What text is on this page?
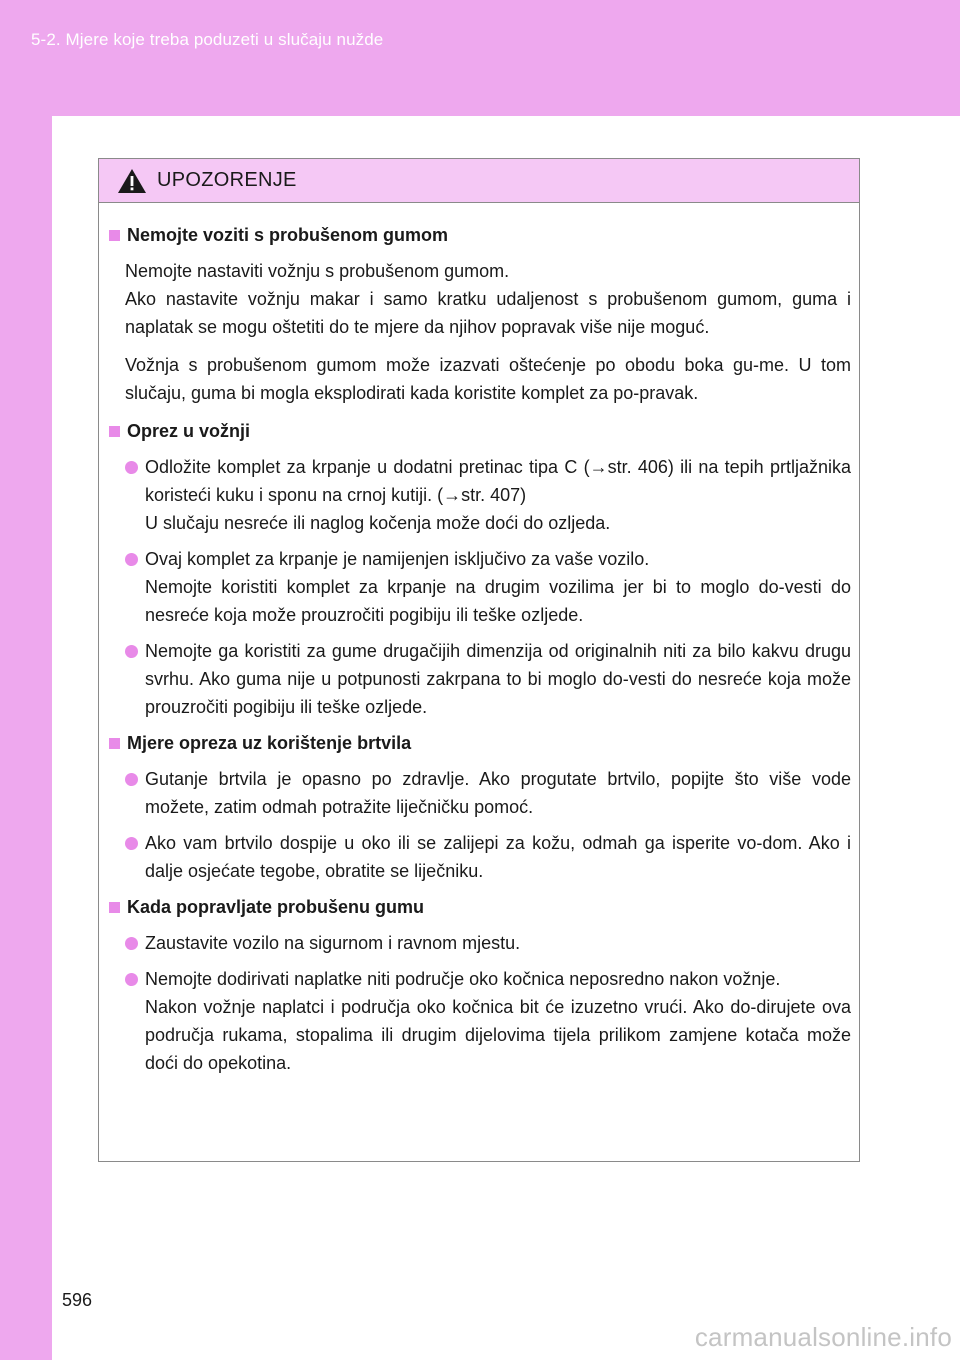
5-2. Mjere koje treba poduzeti u slučaju nužde
UPOZORENJE
Nemojte voziti s probušenom gumom
Nemojte nastaviti vožnju s probušenom gumom.
Ako nastavite vožnju makar i samo kratku udaljenost s probušenom gumom, guma i naplatak se mogu oštetiti do te mjere da njihov popravak više nije moguć.
Vožnja s probušenom gumom može izazvati oštećenje po obodu boka gu-me. U tom slučaju, guma bi mogla eksplodirati kada koristite komplet za po-pravak.
Oprez u vožnji
Odložite komplet za krpanje u dodatni pretinac tipa C (→str. 406) ili na tepih prtljažnika koristeći kuku i sponu na crnoj kutiji. (→str. 407)
U slučaju nesreće ili naglog kočenja može doći do ozljeda.
Ovaj komplet za krpanje je namijenjen isključivo za vaše vozilo.
Nemojte koristiti komplet za krpanje na drugim vozilima jer bi to moglo do-vesti do nesreće koja može prouzročiti pogibiju ili teške ozljede.
Nemojte ga koristiti za gume drugačijih dimenzija od originalnih niti za bilo kakvu drugu svrhu. Ako guma nije u potpunosti zakrpana to bi moglo do-vesti do nesreće koja može prouzročiti pogibiju ili teške ozljede.
Mjere opreza uz korištenje brtvila
Gutanje brtvila je opasno po zdravlje. Ako progutate brtvilo, popijte što više vode možete, zatim odmah potražite liječničku pomoć.
Ako vam brtvilo dospije u oko ili se zalijepi za kožu, odmah ga isperite vo-dom. Ako i dalje osjećate tegobe, obratite se liječniku.
Kada popravljate probušenu gumu
Zaustavite vozilo na sigurnom i ravnom mjestu.
Nemojte dodirivati naplatke niti područje oko kočnica neposredno nakon vožnje.
Nakon vožnje naplatci i područja oko kočnica bit će izuzetno vrući. Ako do-dirujete ova područja rukama, stopalima ili drugim dijelovima tijela prilikom zamjene kotača može doći do opekotina.
596
carmanualsonline.info
